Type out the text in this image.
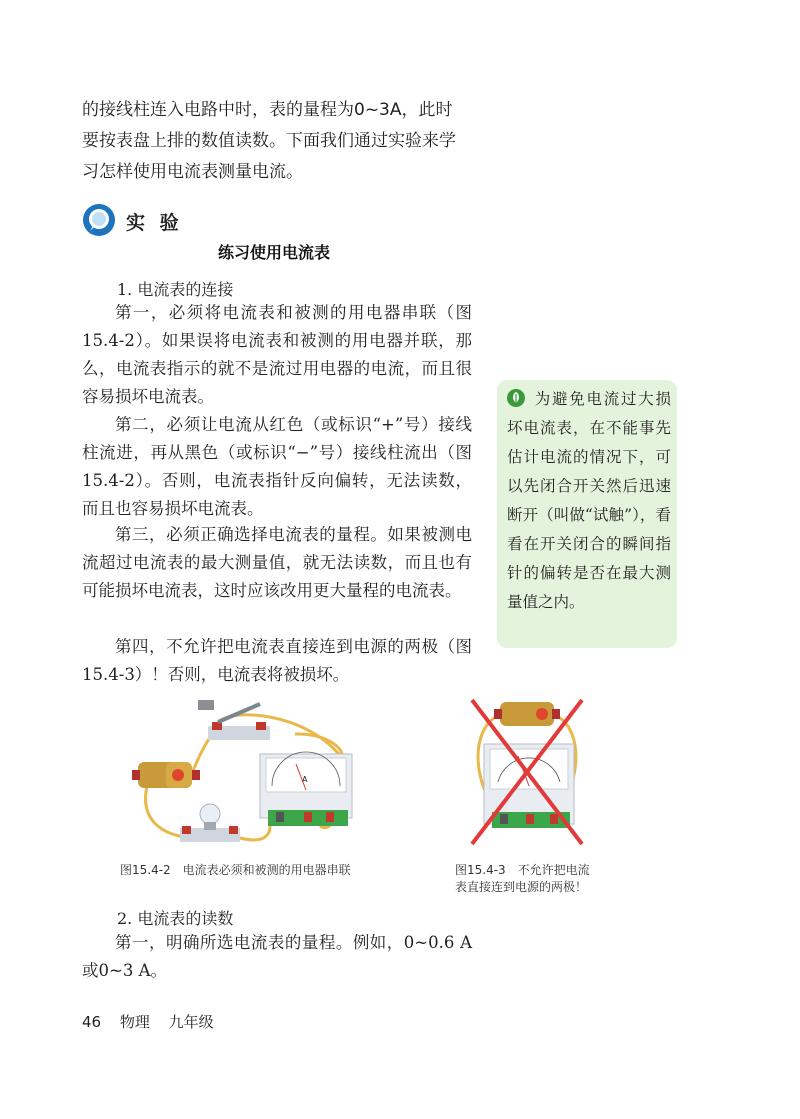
的接线柱连入电路中时，表的量程为0~3A，此时
要按表盘上排的数值读数。下面我们通过实验来学
习怎样使用电流表测量电流。
实 验
练习使用电流表
1. 电流表的连接

第一，必须将电流表和被测的用电器串联（图15.4-2）。如果误将电流表和被测的用电器并联，那么，电流表指示的就不是流过用电器的电流，而且很容易损坏电流表。

第二，必须让电流从红色（或标识“+”号）接线柱流进，再从黑色（或标识“−”号）接线柱流出（图15.4-2）。否则，电流表指针反向偏转，无法读数，而且也容易损坏电流表。

第三，必须正确选择电流表的量程。如果被测电流超过电流表的最大测量值，就无法读数，而且也有可能损坏电流表，这时应该改用更大量程的电流表。

第四，不允许把电流表直接连到电源的两极（图15.4-3）！否则，电流表将被损坏。

为避免电流过大损坏电流表，在不能事先估计电流的情况下，可以先闭合开关然后迅速断开（叫做“试触”），看看在开关闭合的瞬间指针的偏转是否在最大测量值之内。

A
图15.4-2　电流表必须和被测的用电器串联	图15.4-3　不允许把电流
表直接连到电源的两极！
2. 电流表的读数

第一，明确所选电流表的量程。例如，0~0.6 A或0~3 A。

46 物理 九年级
